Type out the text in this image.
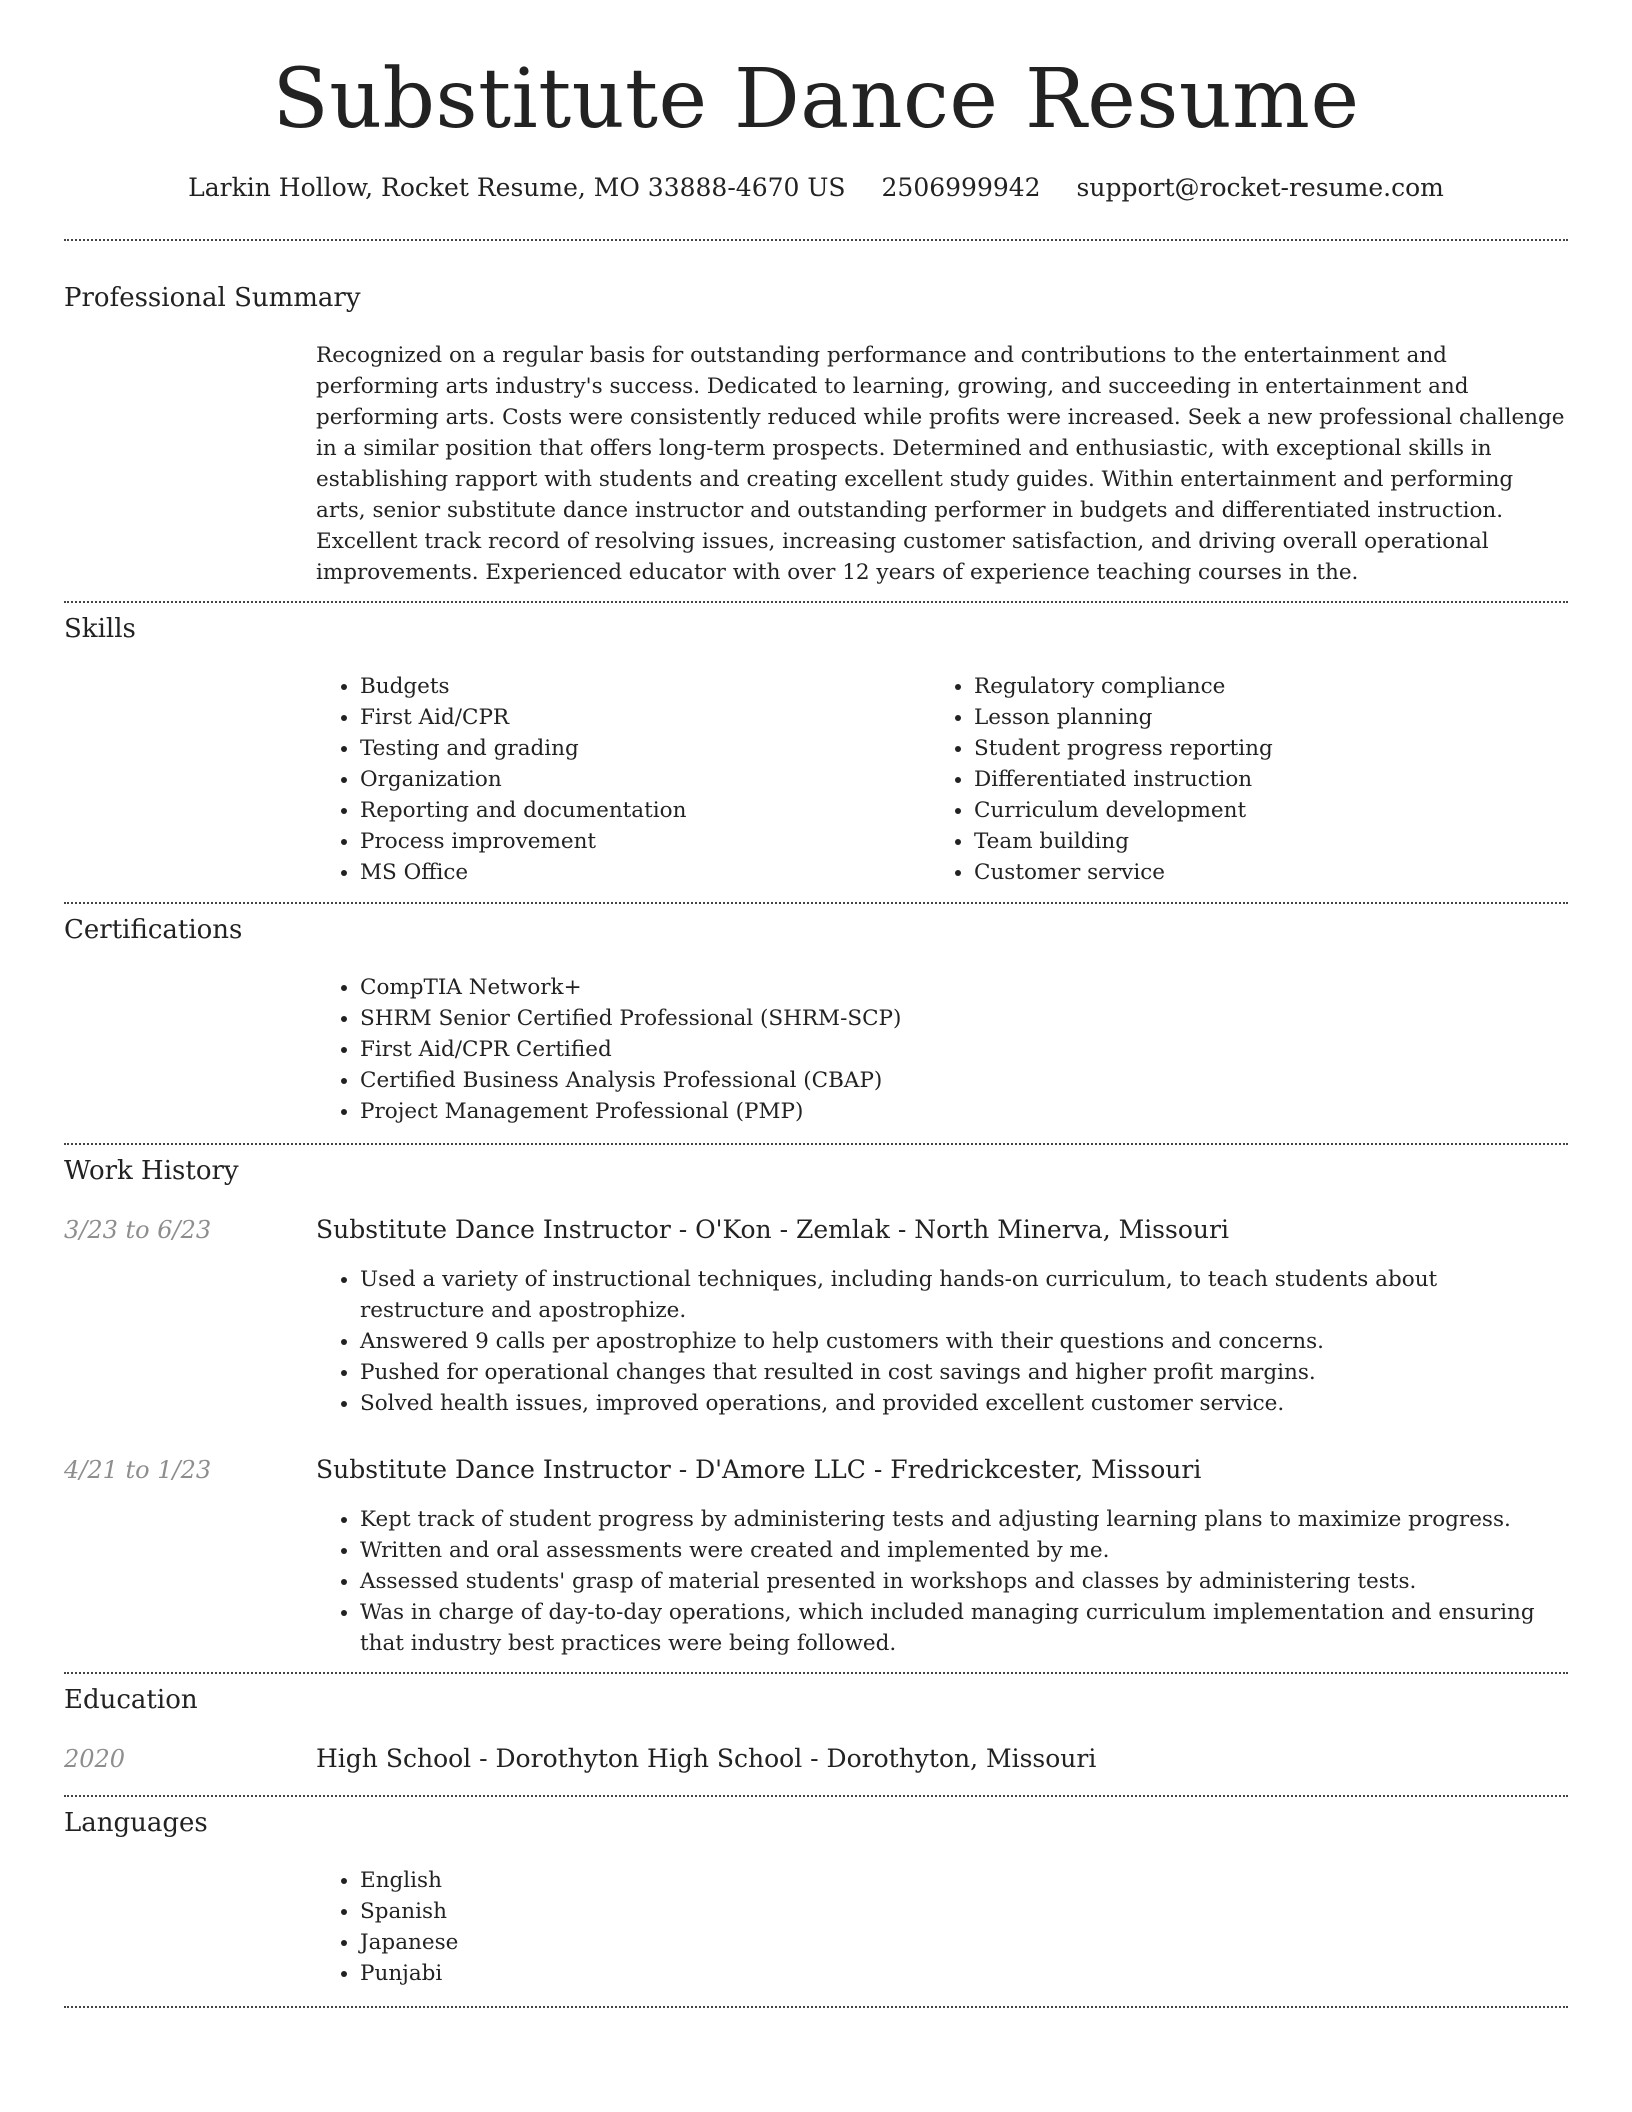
Substitute Dance Resume
Larkin Hollow, Rocket Resume, MO 33888-4670 US 2506999942 support@rocket-resume.com
Professional Summary
Recognized on a regular basis for outstanding performance and contributions to the entertainment and performing arts industry's success. Dedicated to learning, growing, and succeeding in entertainment and performing arts. Costs were consistently reduced while profits were increased. Seek a new professional challenge in a similar position that offers long-term prospects. Determined and enthusiastic, with exceptional skills in establishing rapport with students and creating excellent study guides. Within entertainment and performing arts, senior substitute dance instructor and outstanding performer in budgets and differentiated instruction. Excellent track record of resolving issues, increasing customer satisfaction, and driving overall operational improvements. Experienced educator with over 12 years of experience teaching courses in the.
Skills
• Budgets
• First Aid/CPR
• Testing and grading
• Organization
• Reporting and documentation
• Process improvement
• MS Office
• Regulatory compliance
• Lesson planning
• Student progress reporting
• Differentiated instruction
• Curriculum development
• Team building
• Customer service
Certifications
• CompTIA Network+
• SHRM Senior Certified Professional (SHRM-SCP)
• First Aid/CPR Certified
• Certified Business Analysis Professional (CBAP)
• Project Management Professional (PMP)
Work History
3/23 to 6/23	Substitute Dance Instructor - O'Kon - Zemlak - North Minerva, Missouri
• Used a variety of instructional techniques, including hands-on curriculum, to teach students about restructure and apostrophize.
• Answered 9 calls per apostrophize to help customers with their questions and concerns.
• Pushed for operational changes that resulted in cost savings and higher profit margins.
• Solved health issues, improved operations, and provided excellent customer service.
4/21 to 1/23	Substitute Dance Instructor - D'Amore LLC - Fredrickcester, Missouri
• Kept track of student progress by administering tests and adjusting learning plans to maximize progress.
• Written and oral assessments were created and implemented by me.
• Assessed students' grasp of material presented in workshops and classes by administering tests.
• Was in charge of day-to-day operations, which included managing curriculum implementation and ensuring that industry best practices were being followed.
Education
2020	High School - Dorothyton High School - Dorothyton, Missouri
Languages
• English
• Spanish
• Japanese
• Punjabi
